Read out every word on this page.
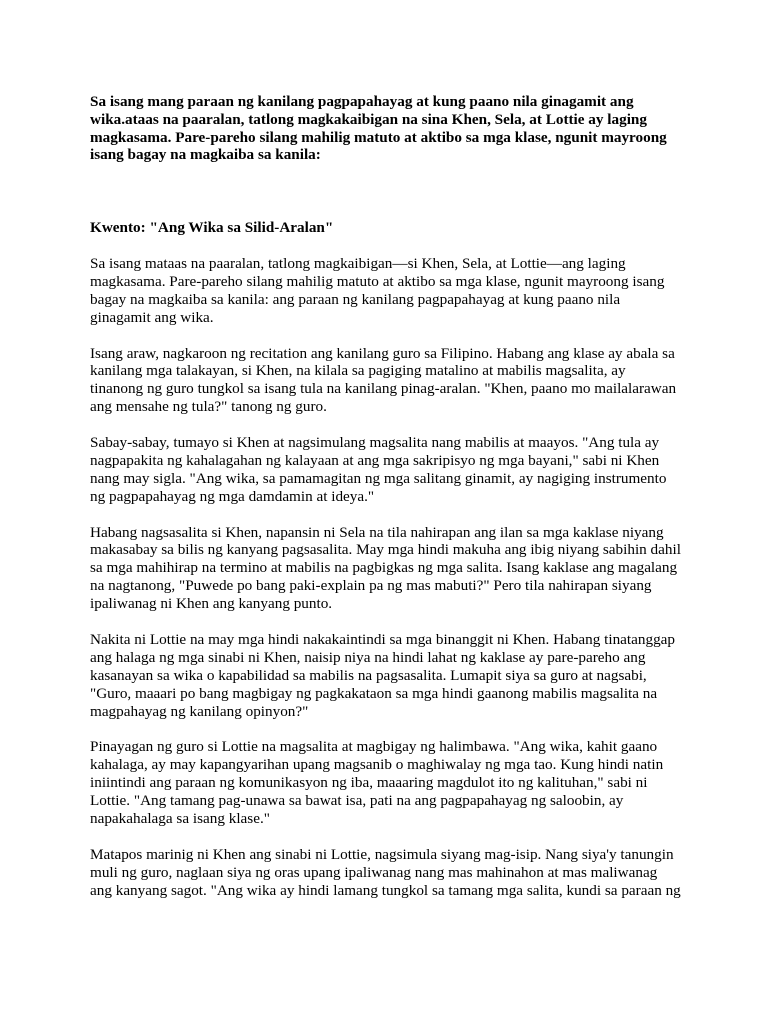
Sa isang mang paraan ng kanilang pagpapahayag at kung paano nila ginagamit ang
wika.ataas na paaralan, tatlong magkakaibigan na sina Khen, Sela, at Lottie ay laging
magkasama. Pare-pareho silang mahilig matuto at aktibo sa mga klase, ngunit mayroong
isang bagay na magkaiba sa kanila:

Kwento: "Ang Wika sa Silid-Aralan"

Sa isang mataas na paaralan, tatlong magkaibigan—si Khen, Sela, at Lottie—ang laging
magkasama. Pare-pareho silang mahilig matuto at aktibo sa mga klase, ngunit mayroong isang
bagay na magkaiba sa kanila: ang paraan ng kanilang pagpapahayag at kung paano nila
ginagamit ang wika.

Isang araw, nagkaroon ng recitation ang kanilang guro sa Filipino. Habang ang klase ay abala sa
kanilang mga talakayan, si Khen, na kilala sa pagiging matalino at mabilis magsalita, ay
tinanong ng guro tungkol sa isang tula na kanilang pinag-aralan. "Khen, paano mo mailalarawan
ang mensahe ng tula?" tanong ng guro.

Sabay-sabay, tumayo si Khen at nagsimulang magsalita nang mabilis at maayos. "Ang tula ay
nagpapakita ng kahalagahan ng kalayaan at ang mga sakripisyo ng mga bayani," sabi ni Khen
nang may sigla. "Ang wika, sa pamamagitan ng mga salitang ginamit, ay nagiging instrumento
ng pagpapahayag ng mga damdamin at ideya."

Habang nagsasalita si Khen, napansin ni Sela na tila nahirapan ang ilan sa mga kaklase niyang
makasabay sa bilis ng kanyang pagsasalita. May mga hindi makuha ang ibig niyang sabihin dahil
sa mga mahihirap na termino at mabilis na pagbigkas ng mga salita. Isang kaklase ang magalang
na nagtanong, "Puwede po bang paki-explain pa ng mas mabuti?" Pero tila nahirapan siyang
ipaliwanag ni Khen ang kanyang punto.

Nakita ni Lottie na may mga hindi nakakaintindi sa mga binanggit ni Khen. Habang tinatanggap
ang halaga ng mga sinabi ni Khen, naisip niya na hindi lahat ng kaklase ay pare-pareho ang
kasanayan sa wika o kapabilidad sa mabilis na pagsasalita. Lumapit siya sa guro at nagsabi,
"Guro, maaari po bang magbigay ng pagkakataon sa mga hindi gaanong mabilis magsalita na
magpahayag ng kanilang opinyon?"

Pinayagan ng guro si Lottie na magsalita at magbigay ng halimbawa. "Ang wika, kahit gaano
kahalaga, ay may kapangyarihan upang magsanib o maghiwalay ng mga tao. Kung hindi natin
iniintindi ang paraan ng komunikasyon ng iba, maaaring magdulot ito ng kalituhan," sabi ni
Lottie. "Ang tamang pag-unawa sa bawat isa, pati na ang pagpapahayag ng saloobin, ay
napakahalaga sa isang klase."

Matapos marinig ni Khen ang sinabi ni Lottie, nagsimula siyang mag-isip. Nang siya'y tanungin
muli ng guro, naglaan siya ng oras upang ipaliwanag nang mas mahinahon at mas maliwanag
ang kanyang sagot. "Ang wika ay hindi lamang tungkol sa tamang mga salita, kundi sa paraan ng
